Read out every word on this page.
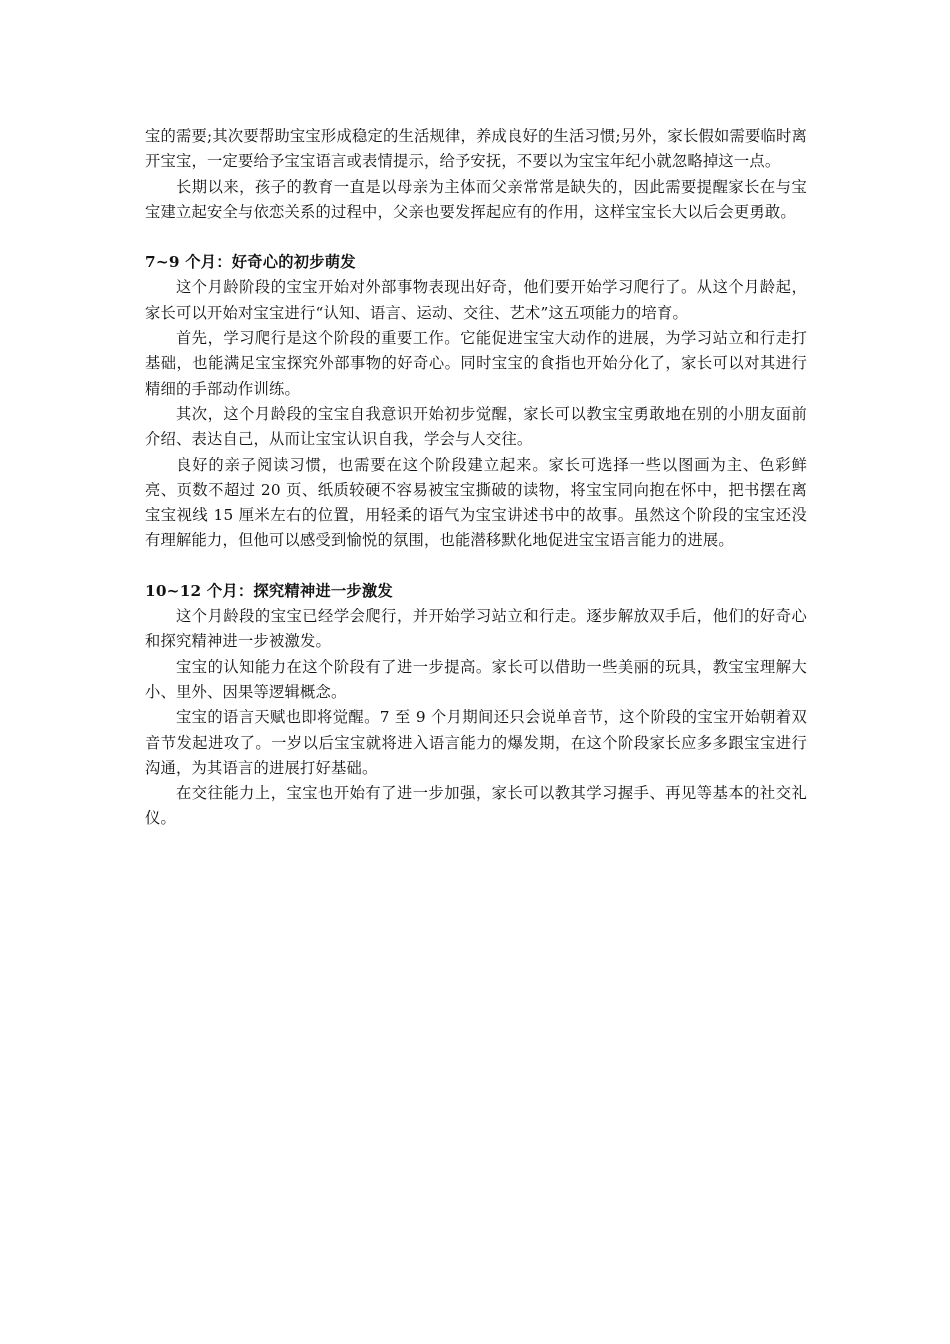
宝的需要;其次要帮助宝宝形成稳定的生活规律，养成良好的生活习惯;另外，家长假如需要临时离开宝宝，一定要给予宝宝语言或表情提示，给予安抚，不要以为宝宝年纪小就忽略掉这一点。

长期以来，孩子的教育一直是以母亲为主体而父亲常常是缺失的，因此需要提醒家长在与宝宝建立起安全与依恋关系的过程中，父亲也要发挥起应有的作用，这样宝宝长大以后会更勇敢。

7~9 个月：好奇心的初步萌发

这个月龄阶段的宝宝开始对外部事物表现出好奇，他们要开始学习爬行了。从这个月龄起，家长可以开始对宝宝进行“认知、语言、运动、交往、艺术”这五项能力的培育。

首先，学习爬行是这个阶段的重要工作。它能促进宝宝大动作的进展，为学习站立和行走打基础，也能满足宝宝探究外部事物的好奇心。同时宝宝的食指也开始分化了，家长可以对其进行精细的手部动作训练。

其次，这个月龄段的宝宝自我意识开始初步觉醒，家长可以教宝宝勇敢地在别的小朋友面前介绍、表达自己，从而让宝宝认识自我，学会与人交往。

良好的亲子阅读习惯，也需要在这个阶段建立起来。家长可选择一些以图画为主、色彩鲜亮、页数不超过 20 页、纸质较硬不容易被宝宝撕破的读物，将宝宝同向抱在怀中，把书摆在离宝宝视线 15 厘米左右的位置，用轻柔的语气为宝宝讲述书中的故事。虽然这个阶段的宝宝还没有理解能力，但他可以感受到愉悦的氛围，也能潜移默化地促进宝宝语言能力的进展。

10~12 个月：探究精神进一步激发

这个月龄段的宝宝已经学会爬行，并开始学习站立和行走。逐步解放双手后，他们的好奇心和探究精神进一步被激发。

宝宝的认知能力在这个阶段有了进一步提高。家长可以借助一些美丽的玩具，教宝宝理解大小、里外、因果等逻辑概念。

宝宝的语言天赋也即将觉醒。7 至 9 个月期间还只会说单音节，这个阶段的宝宝开始朝着双音节发起进攻了。一岁以后宝宝就将进入语言能力的爆发期，在这个阶段家长应多多跟宝宝进行沟通，为其语言的进展打好基础。

在交往能力上，宝宝也开始有了进一步加强，家长可以教其学习握手、再见等基本的社交礼仪。
